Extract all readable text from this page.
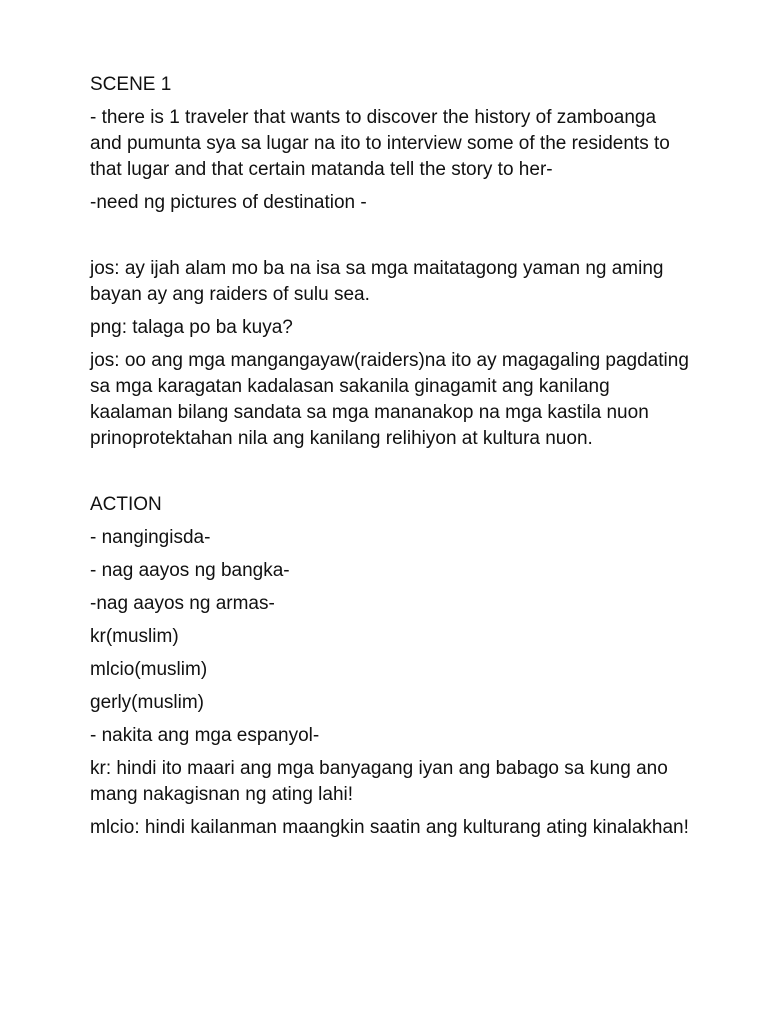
SCENE 1

- there is 1 traveler that wants to discover the history of zamboanga and pumunta sya sa lugar na ito to interview some of the residents to that lugar and that certain matanda tell the story to her-

-need ng pictures of destination -

jos: ay ijah alam mo ba na isa sa mga maitatagong yaman ng aming bayan ay ang raiders of sulu sea.

png: talaga po ba kuya?

jos: oo ang mga mangangayaw(raiders)na ito ay magagaling pagdating sa mga karagatan kadalasan sakanila ginagamit ang kanilang kaalaman bilang sandata sa mga mananakop na mga kastila nuon prinoprotektahan nila ang kanilang relihiyon at kultura nuon.

ACTION

- nangingisda-

- nag aayos ng bangka-

-nag aayos ng armas-

kr(muslim)

mlcio(muslim)

gerly(muslim)

- nakita ang mga espanyol-

kr: hindi ito maari ang mga banyagang iyan ang babago sa kung ano mang nakagisnan ng ating lahi!

mlcio: hindi kailanman maangkin saatin ang kulturang ating kinalakhan!
